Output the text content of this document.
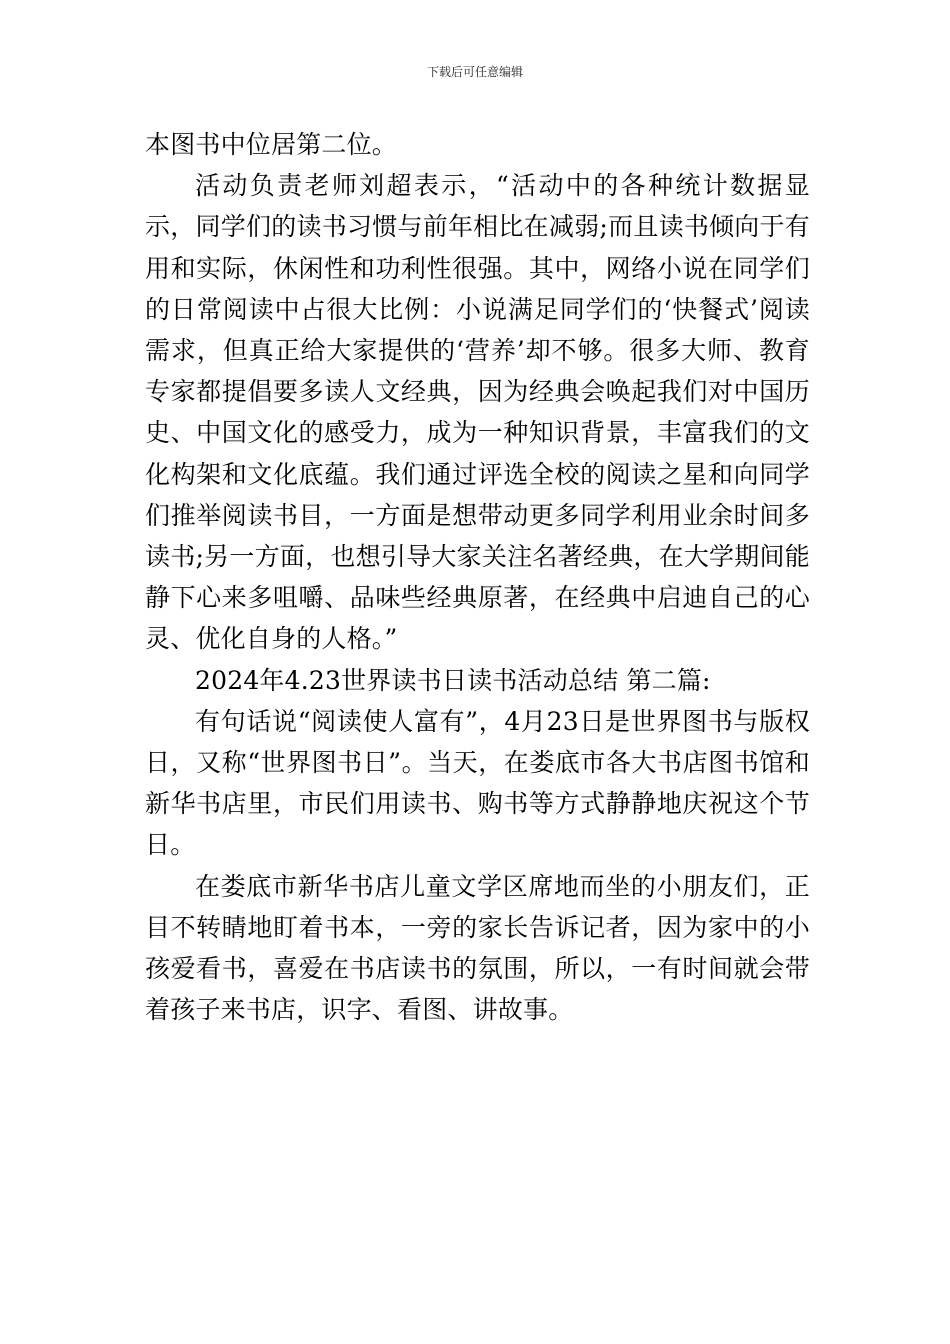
下载后可任意编辑

本图书中位居第二位。

活动负责老师刘超表示，“活动中的各种统计数据显示，同学们的读书习惯与前年相比在减弱;而且读书倾向于有用和实际，休闲性和功利性很强。其中，网络小说在同学们的日常阅读中占很大比例：小说满足同学们的‘快餐式’阅读需求，但真正给大家提供的‘营养’却不够。很多大师、教育专家都提倡要多读人文经典，因为经典会唤起我们对中国历史、中国文化的感受力，成为一种知识背景，丰富我们的文化构架和文化底蕴。我们通过评选全校的阅读之星和向同学们推举阅读书目，一方面是想带动更多同学利用业余时间多读书;另一方面，也想引导大家关注名著经典，在大学期间能静下心来多咀嚼、品味些经典原著，在经典中启迪自己的心灵、优化自身的人格。”

2024年4.23世界读书日读书活动总结 第二篇:

有句话说“阅读使人富有”，4月23日是世界图书与版权日，又称“世界图书日”。当天，在娄底市各大书店图书馆和新华书店里，市民们用读书、购书等方式静静地庆祝这个节日。

在娄底市新华书店儿童文学区席地而坐的小朋友们，正目不转睛地盯着书本，一旁的家长告诉记者，因为家中的小孩爱看书，喜爱在书店读书的氛围，所以，一有时间就会带着孩子来书店，识字、看图、讲故事。
